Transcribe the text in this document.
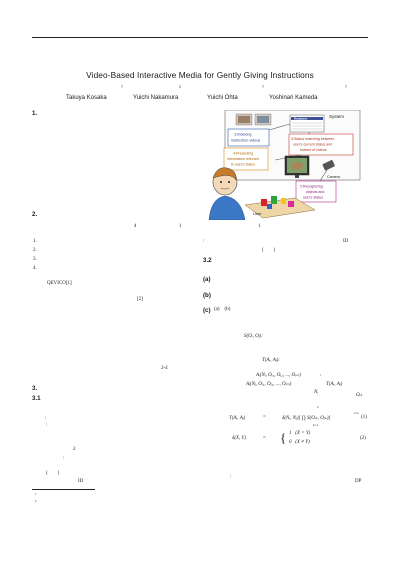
Video-Based Interactive Media for Gently Giving Instructions
†	‡	†	†
Takuya Kosaka	Yuichi Nakamura	Yuichi Ohta	Yoshinari Kameda
1.
2.
4	1
1.
2.
3.
4.
QEVICO[1]
[2]
2-4
3.
3.1
:
:
2
:
(        )
ID
†
‡
System
Database
1:Indexing
instruction videos	3:Status matching between
user's current status and
indices of videos
4:Presenting
information relevant
to user's status
Camera
2:Recognizing
objects and
user's status
User
1
:	ID
(        )
3.2
(a)
(b)
(c) (a)    (b)
S(Oᵢ, Oⱼ):
T(Aᵢ, Aⱼ):
Aᵢ(Nᵢ, Oᵢ₁, Oᵢ₂, ..., Oᵢₘ)	,
Aⱼ(Nⱼ, Oⱼ₁, Oⱼ₂, ..., Oⱼₘ)	T(Aᵢ, Aⱼ)
Nᵢ
Oᵢₖ
T(Aᵢ, Aⱼ)	=	δ(Nᵢ, Nⱼ)[ ∏ S(Oᵢₖ, Oⱼₖ)]
n
k=1
1/n
(1)
δ(X, Y)	= { 1   (X = Y)
0   (X ≠ Y)
(2)
:
DP
